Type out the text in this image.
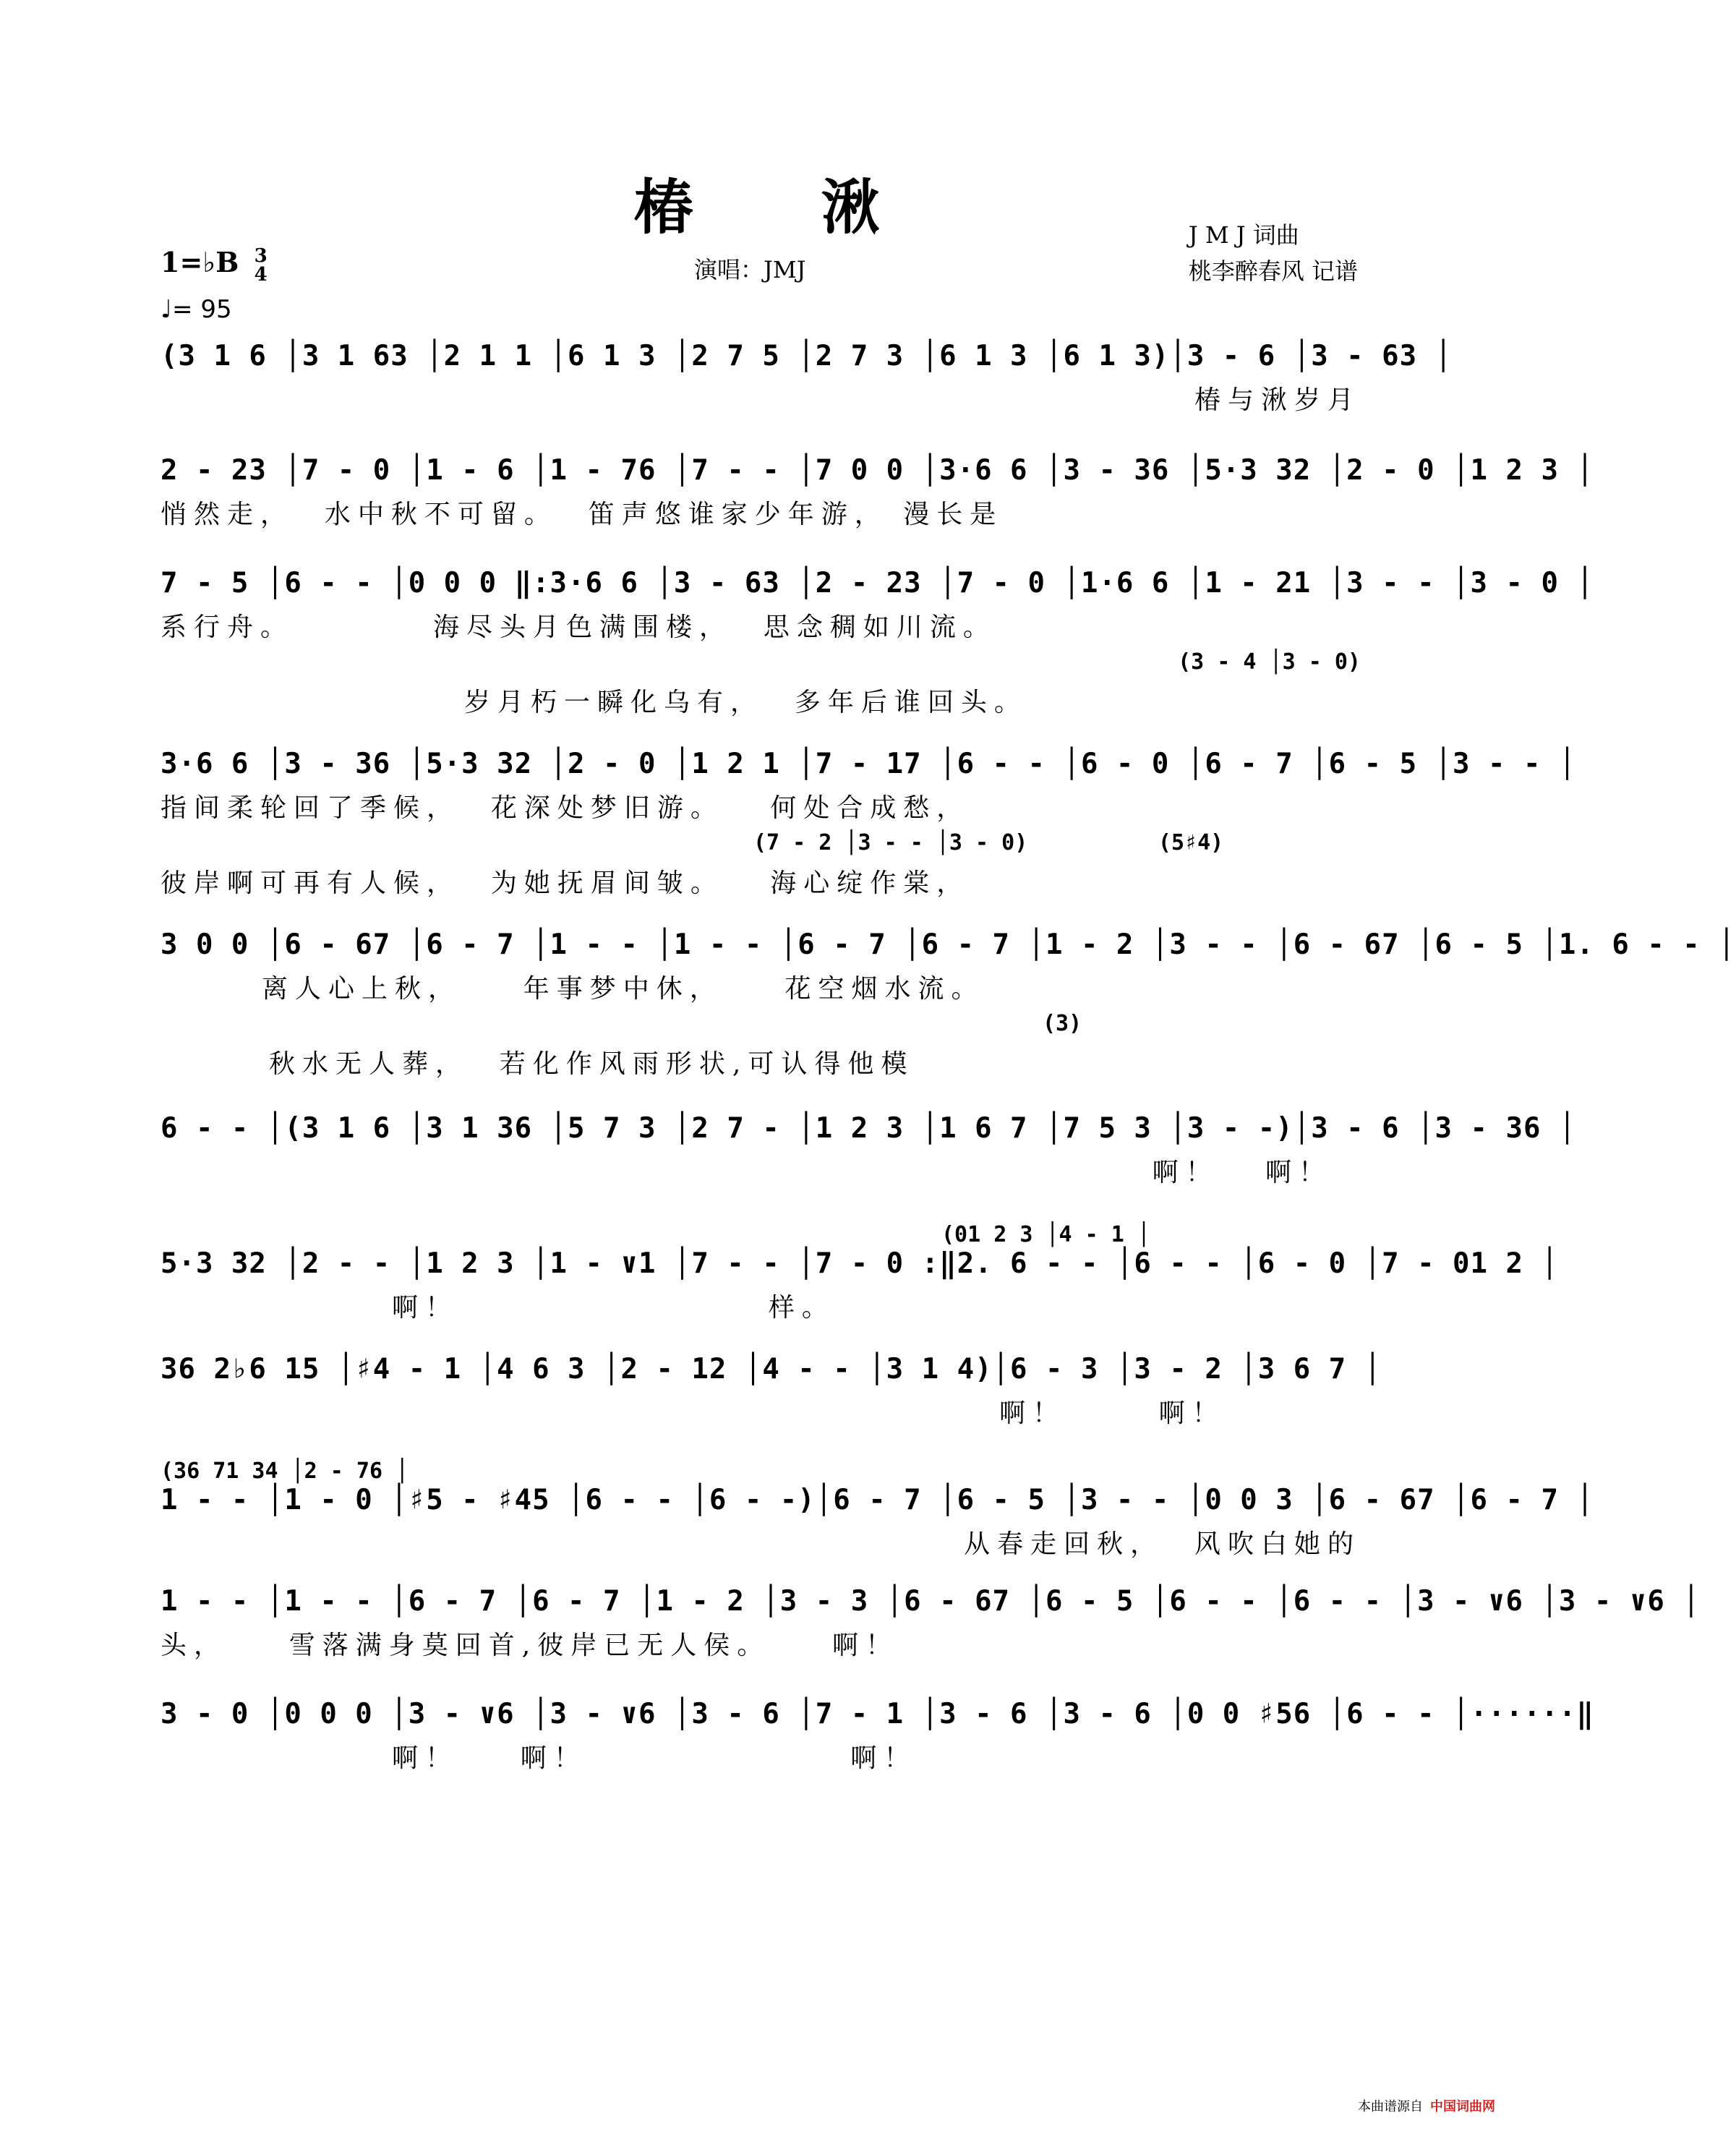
椿　　湫	J M J 词曲
桃李醉春风 记谱
演唱：JMJ
1=♭B 3
4
♩= 95
(3 1 6 │3 1 63 │2 1 1 │6 1 3 │2 7 5 │2 7 3 │6 1 3 │6 1 3)│3 - 6 │3 - 63 │
椿与湫岁月
2 - 23 │7 - 0 │1 - 6 │1 - 76 │7 - - │7 0 0 │3·6 6 │3 - 36 │5·3 32 │2 - 0 │1 2 3 │
悄然走，  水中秋不可留。  笛声悠谁家少年游， 漫长是
7 - 5 │6 - - │0 0 0 ‖:3·6 6 │3 - 63 │2 - 23 │7 - 0 │1·6 6 │1 - 21 │3 - - │3 - 0 │
系行舟。         海尽头月色满围楼，  思念稠如川流。
(3 - 4 │3 - 0)
岁月朽一瞬化乌有，  多年后谁回头。
3·6 6 │3 - 36 │5·3 32 │2 - 0 │1 2 1 │7 - 17 │6 - - │6 - 0 │6 - 7 │6 - 5 │3 - - │
指间柔轮回了季候，  花深处梦旧游。   何处合成愁，
(7 - 2 │3 - - │3 - 0)          (5♯4)
彼岸啊可再有人候，  为她抚眉间皱。   海心绽作棠，
3 0 0 │6 - 67 │6 - 7 │1 - - │1 - - │6 - 7 │6 - 7 │1 - 2 │3 - - │6 - 67 │6 - 5 │1. 6 - - │
离人心上秋，    年事梦中休，    花空烟水流。
(3)
秋水无人葬，  若化作风雨形状,可认得他模
6 - - │(3 1 6 │3 1 36 │5 7 3 │2 7 - │1 2 3 │1 6 7 │7 5 3 │3 - -)│3 - 6 │3 - 36 │
啊！   啊！
(01 2 3 │4 - 1 │
5·3 32 │2 - - │1 2 3 │1 - ∨1 │7 - - │7 - 0 :‖2. 6 - - │6 - - │6 - 0 │7 - 01 2 │
啊！                    样。
36 2♭6 15 │♯4 - 1 │4 6 3 │2 - 12 │4 - - │3 1 4)│6 - 3 │3 - 2 │3 6 7 │
啊！      啊！
(36 71 34 │2 - 76 │
1 - - │1 - 0 │♯5 - ♯45 │6 - - │6 - -)│6 - 7 │6 - 5 │3 - - │0 0 3 │6 - 67 │6 - 7 │
从春走回秋，  风吹白她的
1 - - │1 - - │6 - 7 │6 - 7 │1 - 2 │3 - 3 │6 - 67 │6 - 5 │6 - - │6 - - │3 - ∨6 │3 - ∨6 │
头，    雪落满身莫回首,彼岸已无人侯。    啊！
3 - 0 │0 0 0 │3 - ∨6 │3 - ∨6 │3 - 6 │7 - 1 │3 - 6 │3 - 6 │0 0 ♯56 │6 - - │······‖
啊！    啊！                 啊！
本曲谱源自 中国词曲网
